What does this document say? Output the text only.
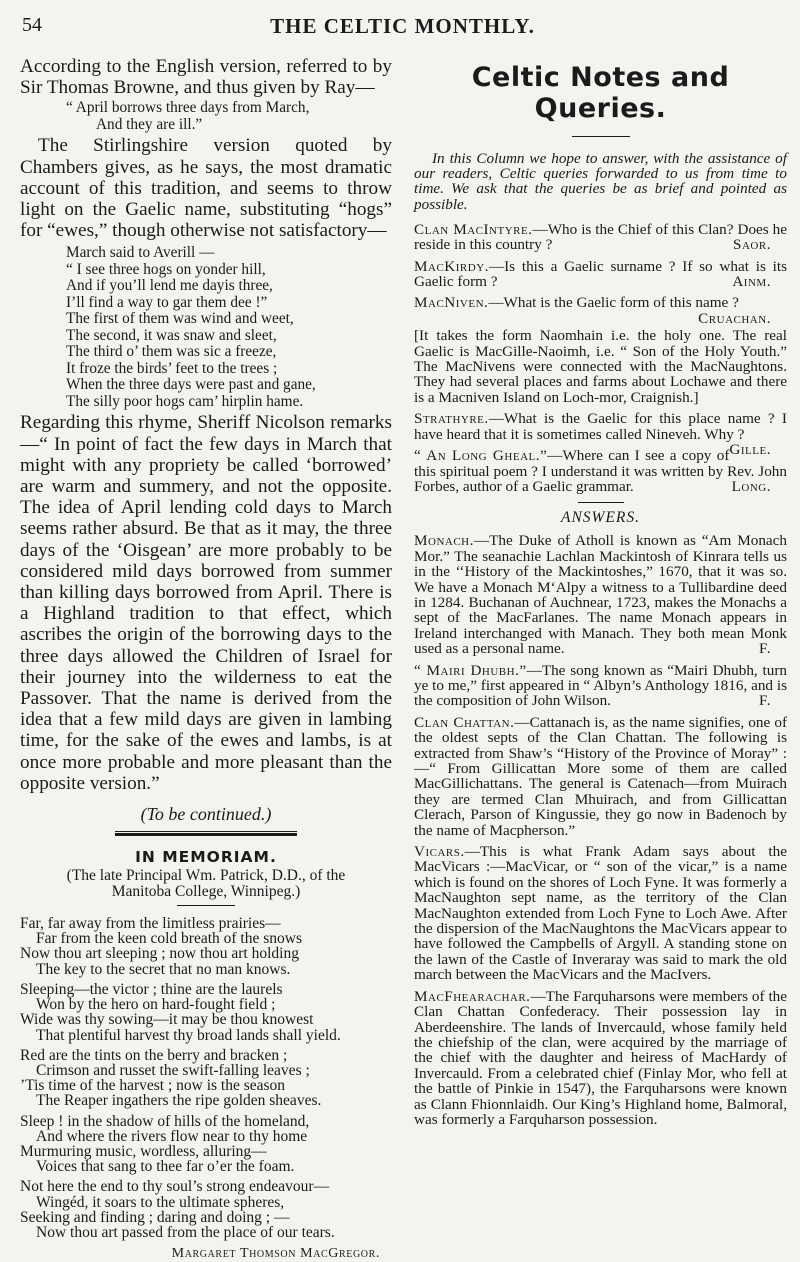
54	THE CELTIC MONTHLY.

According to the English version, referred to by Sir Thomas Browne, and thus given by Ray—

“ April borrows three days from March,
And they are ill.”

The Stirlingshire version quoted by Chambers gives, as he says, the most dramatic account of this tradition, and seems to throw light on the Gaelic name, substituting “hogs” for “ewes,” though otherwise not satisfactory—

March said to Averill —
“ I see three hogs on yonder hill,
And if you’ll lend me dayis three,
I’ll find a way to gar them dee !”
The first of them was wind and weet,
The second, it was snaw and sleet,
The third o’ them was sic a freeze,
It froze the birds’ feet to the trees ;
When the three days were past and gane,
The silly poor hogs cam’ hirplin hame.

Regarding this rhyme, Sheriff Nicolson remarks —“ In point of fact the few days in March that might with any propriety be called ‘borrowed’ are warm and summery, and not the opposite. The idea of April lending cold days to March seems rather absurd. Be that as it may, the three days of the ‘Oisgean’ are more probably to be considered mild days borrowed from summer than killing days borrowed from April. There is a Highland tradition to that effect, which ascribes the origin of the borrowing days to the three days allowed the Children of Israel for their journey into the wilderness to eat the Passover. That the name is derived from the idea that a few mild days are given in lambing time, for the sake of the ewes and lambs, is at once more probable and more pleasant than the opposite version.”

(To be continued.)
IN MEMORIAM.

(The late Principal Wm. Patrick, D.D., of the

Manitoba College, Winnipeg.)

Far, far away from the limitless prairies—
Far from the keen cold breath of the snows
Now thou art sleeping ; now thou art holding
The key to the secret that no man knows.
Sleeping—the victor ; thine are the laurels
Won by the hero on hard-fought field ;
Wide was thy sowing—it may be thou knowest
That plentiful harvest thy broad lands shall yield.
Red are the tints on the berry and bracken ;
Crimson and russet the swift-falling leaves ;
’Tis time of the harvest ; now is the season
The Reaper ingathers the ripe golden sheaves.
Sleep ! in the shadow of hills of the homeland,
And where the rivers flow near to thy home
Murmuring music, wordless, alluring—
Voices that sang to thee far o’er the foam.
Not here the end to thy soul’s strong endeavour—
Wingéd, it soars to the ultimate spheres,
Seeking and finding ; daring and doing ; —
Now thou art passed from the place of our tears.
Margaret Thomson MacGregor.
Celtic Notes and Queries.

In this Column we hope to answer, with the assistance of our readers, Celtic queries forwarded to us from time to time. We ask that the queries be as brief and pointed as possible.

Clan MacIntyre.—Who is the Chief of this Clan? Does he reside in this country ?	Saor.

MacKirdy.—Is this a Gaelic surname ? If so what is its Gaelic form ?	Ainm.

MacNiven.—What is the Gaelic form of this name ?
Cruachan.

[It takes the form Naomhain i.e. the holy one. The real Gaelic is MacGille-Naoimh, i.e. “ Son of the Holy Youth.” The MacNivens were connected with the MacNaughtons. They had several places and farms about Lochawe and there is a Macniven Island on Loch-mor, Craignish.]

Strathyre.—What is the Gaelic for this place name ? I have heard that it is sometimes called Nineveh. Why ?
Gille.

“ An Long Gheal.”—Where can I see a copy of this spiritual poem ? I understand it was written by Rev. John Forbes, author of a Gaelic grammar.	Long.

ANSWERS.

Monach.—The Duke of Atholl is known as “Am Monach Mor.” The seanachie Lachlan Mackintosh of Kinrara tells us in the ‘‘History of the Mackintoshes,” 1670, that it was so. We have a Monach M‘Alpy a witness to a Tullibardine deed in 1284. Buchanan of Auchnear, 1723, makes the Monachs a sept of the MacFarlanes. The name Monach appears in Ireland interchanged with Manach. They both mean Monk used as a personal name.	F.

“ Mairi Dhubh.”—The song known as “Mairi Dhubh, turn ye to me,” first appeared in “ Albyn’s Anthology 1816, and is the composition of John Wilson.	F.

Clan Chattan.—Cattanach is, as the name signifies, one of the oldest septs of the Clan Chattan. The following is extracted from Shaw’s “History of the Province of Moray” :—“ From Gillicattan More some of them are called MacGillichattans. The general is Catenach—from Muirach they are termed Clan Mhuirach, and from Gillicattan Clerach, Parson of Kingussie, they go now in Badenoch by the name of Macpherson.”

Vicars.—This is what Frank Adam says about the MacVicars :—MacVicar, or “ son of the vicar,” is a name which is found on the shores of Loch Fyne. It was formerly a MacNaughton sept name, as the territory of the Clan MacNaughton extended from Loch Fyne to Loch Awe. After the dispersion of the MacNaughtons the MacVicars appear to have followed the Campbells of Argyll. A standing stone on the lawn of the Castle of Inveraray was said to mark the old march between the MacVicars and the MacIvers.

MacFhearachar.—The Farquharsons were members of the Clan Chattan Confederacy. Their possession lay in Aberdeenshire. The lands of Invercauld, whose family held the chiefship of the clan, were acquired by the marriage of the chief with the daughter and heiress of MacHardy of Invercauld. From a celebrated chief (Finlay Mor, who fell at the battle of Pinkie in 1547), the Farquharsons were known as Clann Fhionnlaidh. Our King’s Highland home, Balmoral, was formerly a Farquharson possession.
